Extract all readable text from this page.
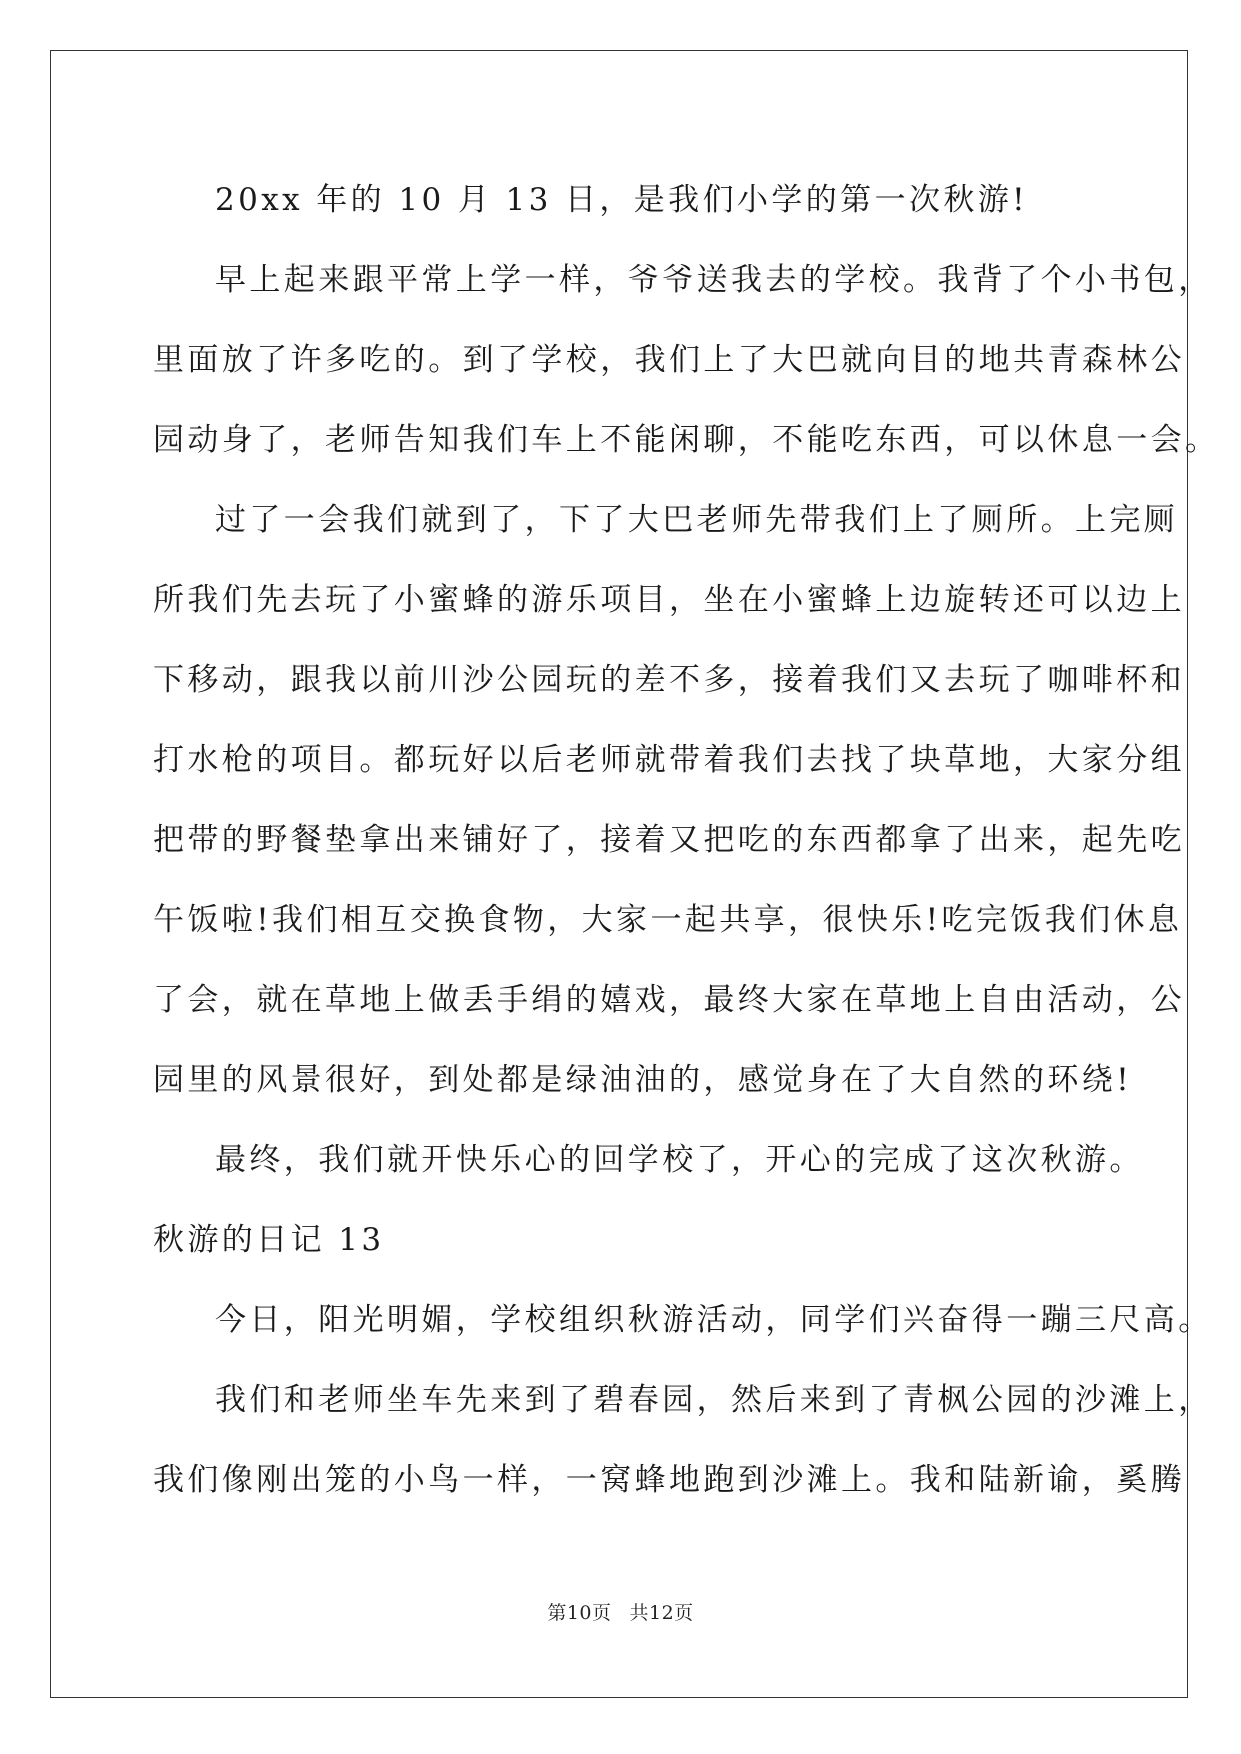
20xx 年的 10 月 13 日，是我们小学的第一次秋游!
早上起来跟平常上学一样，爷爷送我去的学校。我背了个小书包，
里面放了许多吃的。到了学校，我们上了大巴就向目的地共青森林公
园动身了，老师告知我们车上不能闲聊，不能吃东西，可以休息一会。
过了一会我们就到了，下了大巴老师先带我们上了厕所。上完厕
所我们先去玩了小蜜蜂的游乐项目，坐在小蜜蜂上边旋转还可以边上
下移动，跟我以前川沙公园玩的差不多，接着我们又去玩了咖啡杯和
打水枪的项目。都玩好以后老师就带着我们去找了块草地，大家分组
把带的野餐垫拿出来铺好了，接着又把吃的东西都拿了出来，起先吃
午饭啦!我们相互交换食物，大家一起共享，很快乐!吃完饭我们休息
了会，就在草地上做丢手绢的嬉戏，最终大家在草地上自由活动，公
园里的风景很好，到处都是绿油油的，感觉身在了大自然的环绕!
最终，我们就开快乐心的回学校了，开心的完成了这次秋游。
秋游的日记 13
今日，阳光明媚，学校组织秋游活动，同学们兴奋得一蹦三尺高。
我们和老师坐车先来到了碧春园，然后来到了青枫公园的沙滩上，
我们像刚出笼的小鸟一样，一窝蜂地跑到沙滩上。我和陆新谕，奚腾
第10页 共12页
